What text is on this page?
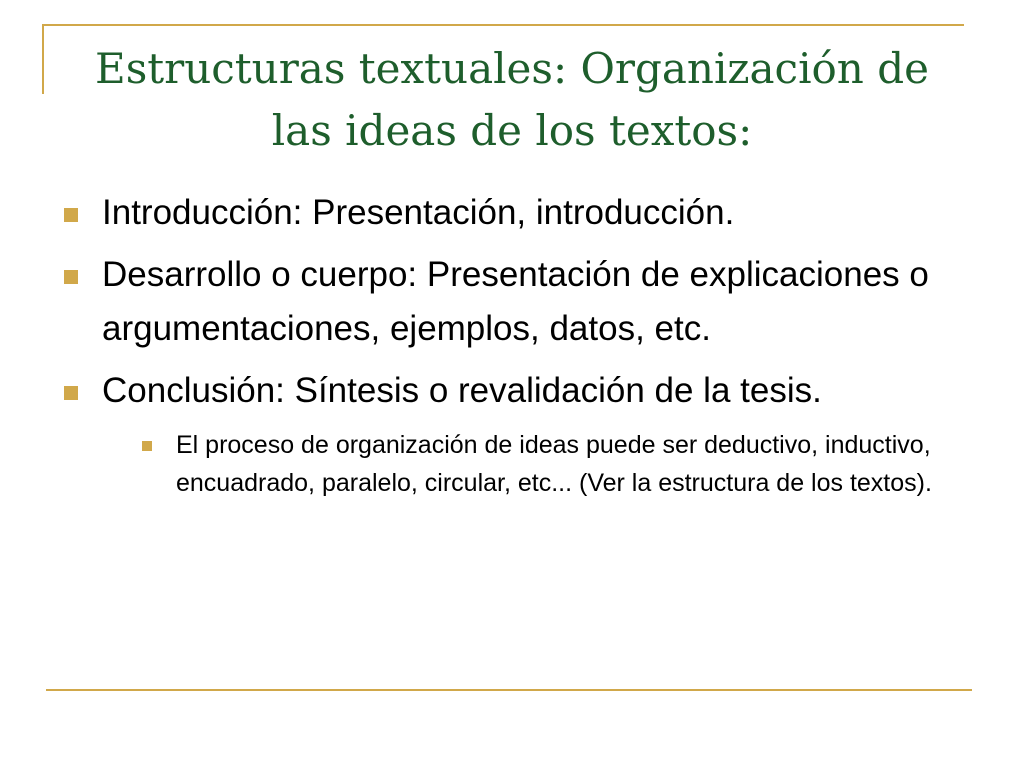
Estructuras textuales: Organización de las ideas de los textos:
Introducción: Presentación, introducción.
Desarrollo o cuerpo: Presentación de explicaciones o argumentaciones, ejemplos, datos, etc.
Conclusión: Síntesis o revalidación de la tesis.
El proceso de organización de ideas puede ser deductivo, inductivo, encuadrado, paralelo, circular, etc... (Ver la estructura de los textos).
